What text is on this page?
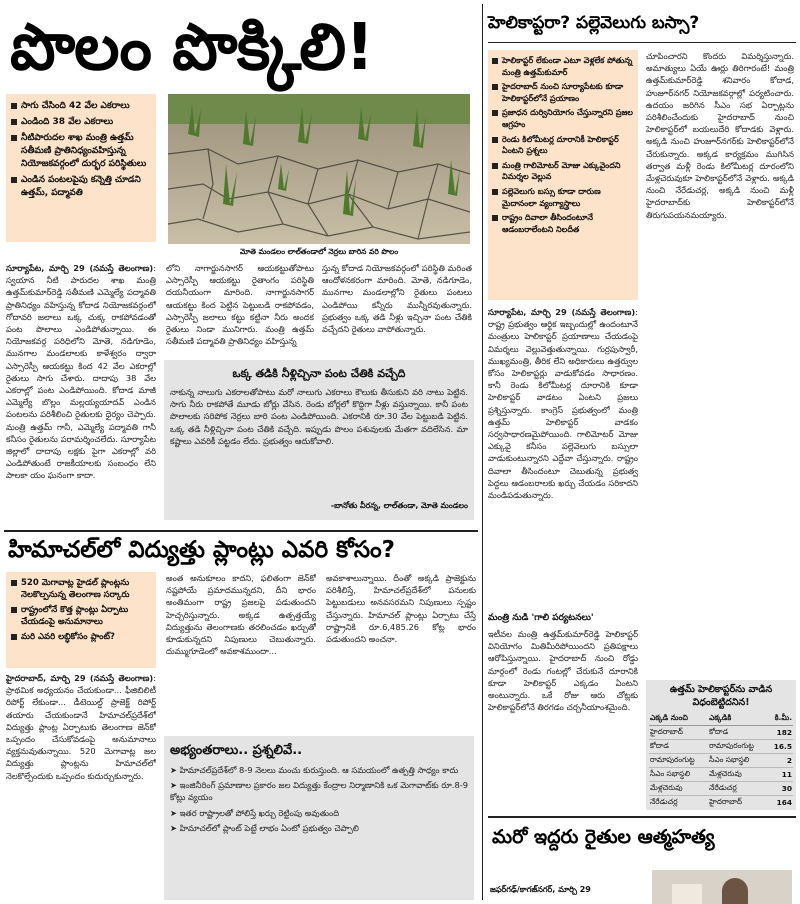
పొలం పొక్కిలి!
సాగు చేసింది 42 వేల ఎకరాలు
ఎండింది 38 వేల ఎకరాలు
నీటిపారుదల శాఖ మంత్రి ఉత్తమ్ సతీమణి ప్రాతినిధ్యంవహిస్తున్న నియోజకవర్గంలో దుర్భర పరిస్థితులు
ఎండిన పంటలపైపు కన్నెత్తి చూడని ఉత్తమ్, పద్మావతి
మోతె మండలం లాల్‌తండాలో నెర్రలు బారిన వరి పొలం
సూర్యాపేట, మార్చి 29 (నమస్తే తెలంగాణ): స్వయాన నీటి పారుదల శాఖ మంత్రి ఉత్తమ్‌కుమార్‌రెడ్డి సతీమణి ఎమ్మెల్యే పద్మావతి ప్రాతినిధ్యం వహిస్తున్న కోదాడ నియోజకవర్గంలో గోదావరి జలాలు ఒక్క చుక్క రాకపోవడంతో పంట పొలాలు ఎండిపోతున్నాయి. ఈ నియోజకవర్గ పరిధిలోని మోతె, నడిగూడెం, మునగాల మండలాలకు కాళేశ్వరం ద్వారా ఎస్సారెస్పీ ఆయకట్టు కింద 42 వేల ఎకరాల్లో రైతులు సాగు చేశారు. దాదాపు 38 వేల ఎకరాల్లో పంట ఎండిపోయింది. కోదాడ మాజీ ఎమ్మెల్యే బొల్లం మల్లయ్యయాదవ్ ఎండిన పంటలను పరిశీలించి రైతులకు ధైర్యం చెప్పారు. మంత్రి ఉత్తమ్ గానీ, ఎమ్మెల్యే పద్మావతి గానీ కనీసం రైతులను పరామర్శించలేదు. సూర్యాపేట జిల్లాలో దాదాపు లక్షకు పైగా ఎకరాల్లో వరి ఎండిపోతుంటే రాజకీయాలకు సంబంధం లేని పాలకా యం ఘనంగా కాదా.
లోని నాగార్జునసాగర్ ఆయకట్టుతోపాటు ఎస్సారెస్పీ ఆయకట్టు రైతాంగం పరిస్థితి దయనీయంగా మారింది. నాగార్జునసాగర్ ఆయకట్టు కింద పెట్టిన పెట్టుబడి రాకపోవడం, ఎస్సారెస్పీ జలాలు కట్టు కట్టినా నీరు అందక రైతులు నిండా మునిగారు. మంత్రి ఉత్తమ్ సతీమణి పద్మావతి ప్రాతినిధ్యం వహిస్తున్న
స్తున్న కోదాడ నియోజకవర్గంలో పరిస్థితి మరింత ఆందోళనకరంగా మారింది. మోతె, నడిగూడెం, మునగాల మండలాల్లోని రైతులు పంటలు ఎండిపోయి కన్నీరు మున్నీరవుతున్నారు. ప్రభుత్వం ఒక్క తడి నీళ్లు ఇచ్చినా పంట చేతికి వచ్చేదని రైతులు వాపోతున్నారు.
ఒక్క తడికి నీళ్లిచ్చినా పంట చేతికి వచ్చేది
నాకున్న నాలుగు ఎకరాలతోపాటు మరో నాలుగు ఎకరాలు కౌలుకు తీసుకుని వరి నాటు పెట్టిన. సాగు నీరు రాకపోతే మూడు బోర్లు వేసిన. రెండు బోర్లలో కొద్దిగా నీళ్లు వస్తున్నాయి. కానీ పంట పొలాలకు సరిపోక నెర్రలు బారి పంట ఎండిపోయింది. ఎకరానికి రూ.30 వేల పెట్టుబడి పెట్టిన. ఒక్క తడి నీళ్లిచ్చినా పంట చేతికి వచ్చేది. ఇప్పుడు పొలం పశువులకు మేతగా వదిలేసిన. మా కష్టాలు ఎవరికీ పట్టడం లేదు. ప్రభుత్వం ఆదుకోవాలి.
-బానోతు వీరన్న, లాల్‌తండా, మోతె మండలం
హిమాచల్‌లో విద్యుత్తు ప్లాంట్లు ఎవరి కోసం?
520 మెగావాట్ల హైడల్ ప్లాంట్లను నెలకొల్పనున్న తెలంగాణ సర్కారు
రాష్ట్రంలోనే కొత్త ప్లాంట్లు ఏర్పాటు చేయడంపై అనుమానాలు
మరి ఎవరి లబ్ధికోసం ప్లాంట్?
హైదరాబాద్, మార్చి 29 (నమస్తే తెలంగాణ): ప్రాథమిక అధ్యయనం చేయకుండా... ఫీజిబిలిటీ రిపోర్ట్ లేకుండా... డీటెయిల్డ్ ప్రాజెక్ట్ రిపోర్ట్ తయారు చేయకుండానే హిమాచల్‌ప్రదేశ్‌లో విద్యుత్తు ప్లాంట్ల ఏర్పాటుకు తెలంగాణ జెన్‌కో ఒప్పందం చేసుకోవడంపై అనుమానాలు వ్యక్తమవుతున్నాయి. 520 మెగావాట్ల జల విద్యుత్తు ప్లాంట్లను హిమాచల్‌లో నెలకొల్పేందుకు ఒప్పందం కుదుర్చుకున్నారు.
అంత అనుకూలం కాదని, ఫలితంగా జెన్‌కో నష్టపోయే ప్రమాదమున్నదని, దీని భారం అంతిమంగా రాష్ట్ర ప్రజలపై పడుతుందని హెచ్చరిస్తున్నారు. అక్కడ ఉత్పత్తయ్యే విద్యుత్తును తెలంగాణకు తరలించడం ఖర్చుతో కూడుకున్నదని నిపుణులు చెబుతున్నారు. దుమ్ముగూడెంలో అవకాశముందా...
అవకాశాలున్నాయి. దీంతో అక్కడి ప్రాజెక్టును పరిశీలిస్తే, హిమాచల్‌ప్రదేశ్‌లో పనులకు పెట్టుబడులు అనవసరమని నిపుణులు స్పష్టం చేస్తున్నారు. హిమాచల్ ప్లాంట్లు ఏర్పాటు చేస్తే రాష్ట్రానికి రూ.6,485.26 కోట్ల భారం పడుతుందని అంచనా.
అభ్యంతరాలు.. ప్రశ్నలివే..
➤ హిమాచల్‌ప్రదేశ్‌లో 8-9 నెలలు మంచు కురుస్తుంది. ఆ సమయంలో ఉత్పత్తి సాధ్యం కాదు
➤ ఇంజినీరింగ్ ప్రమాణాల ప్రకారం జల విద్యుత్తు కేంద్రాల నిర్మాణానికి ఒక మెగావాట్‌కు రూ.8-9 కోట్లు వ్యయం
➤ ఇతర రాష్ట్రాలతో పోలిస్తే ఖర్చు రెట్టింపు అవుతుంది
➤ హిమాచల్‌లో ప్లాంట్ పెట్టే లాభం ఏంటో ప్రభుత్వం చెప్పాలి
హెలికాప్టరా? పల్లెవెలుగు బస్సా?
హెలికాప్టర్ లేకుండా ఎటూ వెళ్లలేక పోతున్న మంత్రి ఉత్తమ్‌కుమార్
హైదరాబాద్ నుంచి సూర్యాపేటకు కూడా హెలికాప్టర్‌లోనే ప్రయాణం
ప్రజాధన దుర్వినియోగం చేస్తున్నారని ప్రజల ఆగ్రహం
రెండు కిలోమీటర్ల దూరానికీ హెలికాప్టర్ ఏంటని ప్రశ్నలు
మంత్రి గాలిమోటర్ మోజు ఎక్కువైందని విమర్శల వెల్లువ
పల్లెవెలుగు బస్సు కూడా దారుణ మైదానంలా వ్యంగ్యాస్త్రాలు
రాష్ట్రం దివాలా తీసిందంటూనే ఆడంబరాలేంటని నిలదీత
చూపించారని కొందరు విమర్శిస్తున్నారు. అమాత్యులు ఏయే ఊర్లు తిరిగారంటే! మంత్రి ఉత్తమ్‌కుమార్‌రెడ్డి శనివారం కోదాడ, హుజూర్‌నగర్ నియోజకవర్గాల్లో పర్యటించారు. ఉదయం జరిగిన సీఎం సభ ఏర్పాట్లను పరిశీలించేందుకు హైదరాబాద్ నుంచి హెలికాప్టర్‌లో బయలుదేరి కోదాడకు వెళ్లారు. అక్కడి నుంచి హుజూర్‌నగర్‌కు హెలికాప్టర్‌లోనే చేరుకున్నారు. అక్కడ కార్యక్రమం ముగిసిన తర్వాత మళ్లీ రెండు కిలోమీటర్ల దూరంలోని మేళ్లచెరువుకూ హెలికాప్టర్‌లోనే వెళ్లారు. అక్కడి నుంచి నేరేడుచర్ల, అక్కడి నుంచి మళ్లీ హైదరాబాద్‌కు హెలికాప్టర్‌లోనే తిరుగుపయనమయ్యారు.
సూర్యాపేట, మార్చి 29 (నమస్తే తెలంగాణ): రాష్ట్ర ప్రభుత్వం ఆర్థిక ఇబ్బందుల్లో ఉందంటూనే మంత్రులు హెలికాప్టర్ ప్రయాణాలు చేయడంపై విమర్శలు వెల్లువెత్తుతున్నాయి. గుర్రపుస్వారీ, ముఖ్యమంత్రి, తీరిక లేని అధికారులు ఉత్తర్వుల కోసం హెలికాప్టర్లు వాడుకోవడం సాధారణం. కానీ రెండు కిలోమీటర్ల దూరానికి కూడా హెలికాప్టర్ వాడటం ఏంటని ప్రజలు ప్రశ్నిస్తున్నారు. కాంగ్రెస్ ప్రభుత్వంలో మంత్రి ఉత్తమ్ హెలికాప్టర్ వాడకం సర్వసాధారణమైపోయింది. గాలిమోటర్ మోజు ఎక్కువై కనీసం పల్లెవెలుగు బస్సులా వాడుకుంటున్నారని ఎద్దేవా చేస్తున్నారు. రాష్ట్రం దివాలా తీసిందంటూ చెబుతున్న ప్రభుత్వ పెద్దలు ఆడంబరాలకు ఖర్చు చేయడం సరికాదని మండిపడుతున్నారు.
మంత్రి నుడి 'గాలి పర్యటనలు'
ఇటీవల మంత్రి ఉత్తమ్‌కుమార్‌రెడ్డి హెలికాప్టర్ వినియోగం మితిమీరిపోయిందని ప్రతిపక్షాలు ఆరోపిస్తున్నాయి. హైదరాబాద్ నుంచి రోడ్డు మార్గంలో రెండు గంటల్లో చేరుకునే దూరానికి కూడా హెలికాప్టర్ ఎక్కడం ఏంటని అంటున్నారు. ఒకే రోజు ఆరు చోట్లకు హెలికాప్టర్‌లోనే తిరగడం చర్చనీయాంశమైంది.
ఉత్తమ్ హెలికాప్టర్‌ను వాడిన విధంబెట్టిదనిన!
ఎక్కడి నుంచి	ఎక్కడికి	కి.మీ.
హైదరాబాద్	కోదాడ	182
కోదాడ	రామాపురంగుట్ట	16.5
రామాపురంగుట్ట	సీఎం సభాస్థలి	2
సీఎం సభాస్థలి	మేళ్లచెరువు	11
మేళ్లచెరువు	నేరేడుచర్ల	30
నేరేడుచర్ల	హైదరాబాద్	164
మరో ఇద్దరు రైతుల ఆత్మహత్య
జఫర్‌గఢ్/కాగజ్‌నగర్, మార్చి 29
